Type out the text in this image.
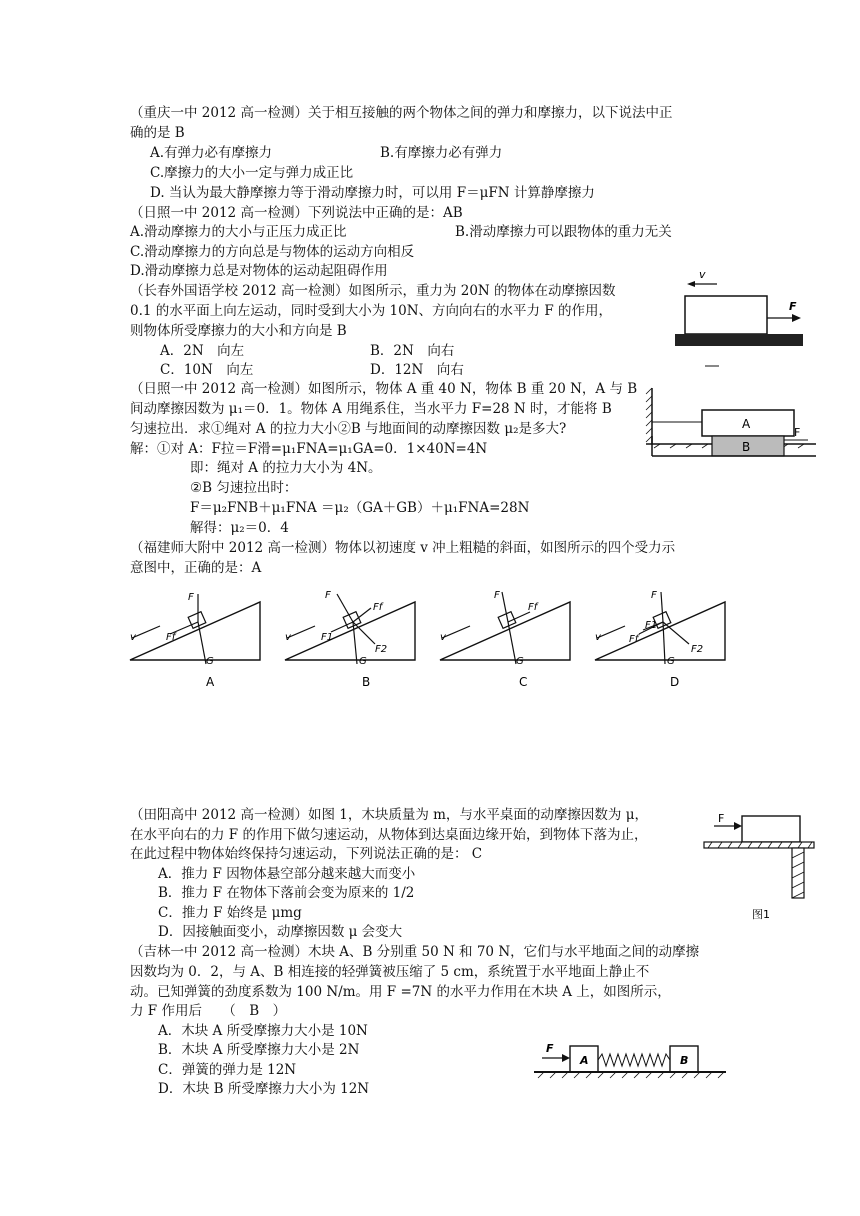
（重庆一中 2012 高一检测）关于相互接触的两个物体之间的弹力和摩擦力，以下说法中正
确的是 B
A.有弹力必有摩擦力	B.有摩擦力必有弹力
C.摩擦力的大小一定与弹力成正比
D. 当认为最大静摩擦力等于滑动摩擦力时，可以用 F＝μFN 计算静摩擦力
（日照一中 2012 高一检测）下列说法中正确的是：AB
A.滑动摩擦力的大小与正压力成正比	B.滑动摩擦力可以跟物体的重力无关
C.滑动摩擦力的方向总是与物体的运动方向相反
D.滑动摩擦力总是对物体的运动起阻碍作用
（长春外国语学校 2012 高一检测）如图所示，重力为 20N 的物体在动摩擦因数
0.1 的水平面上向左运动，同时受到大小为 10N、方向向右的水平力 F 的作用，
则物体所受摩擦力的大小和方向是 B
A．2N　向左	B．2N　向右
C．10N　向左	D．12N　向右
v
F
（日照一中 2012 高一检测）如图所示，物体 A 重 40 N，物体 B 重 20 N，A 与 B
间动摩擦因数为 μ₁＝0．1。物体 A 用绳系住，当水平力 F=28 N 时，才能将 B
匀速拉出．求①绳对 A 的拉力大小②B 与地面间的动摩擦因数 μ₂是多大?
解：①对 A：F拉＝F滑=μ₁FNA=μ₁GA=0．1×40N=4N
即：绳对 A 的拉力大小为 4N。
②B 匀速拉出时：
F＝μ₂FNB＋μ₁FNA ＝μ₂（GA＋GB）＋μ₁FNA=28N
解得：μ₂＝0．4
A
F
B
（福建师大附中 2012 高一检测）物体以初速度 v 冲上粗糙的斜面，如图所示的四个受力示
意图中，正确的是：A
v
F
Ff
G
A
v
F
Ff
F1
F2
G
B
v
F
Ff
G
C
v
F
Ff
F1
F2
G
D
（田阳高中 2012 高一检测）如图 1，木块质量为 m，与水平桌面的动摩擦因数为 μ，
在水平向右的力 F 的作用下做匀速运动，从物体到达桌面边缘开始，到物体下落为止，
在此过程中物体始终保持匀速运动，下列说法正确的是： C
A．推力 F 因物体悬空部分越来越大而变小
B．推力 F 在物体下落前会变为原来的 1/2
C．推力 F 始终是 μmg
D．因接触面变小，动摩擦因数 μ 会变大
F
图1
（吉林一中 2012 高一检测）木块 A、B 分别重 50 N 和 70 N，它们与水平地面之间的动摩擦
因数均为 0．2，与 A、B 相连接的轻弹簧被压缩了 5 cm，系统置于水平地面上静止不
动。已知弹簧的劲度系数为 100 N/m。用 F =7N 的水平力作用在木块 A 上，如图所示，
力 F 作用后　　（　B　）
A．木块 A 所受摩擦力大小是 10N
B．木块 A 所受摩擦力大小是 2N
C．弹簧的弹力是 12N
D．木块 B 所受摩擦力大小为 12N
F
A	B
